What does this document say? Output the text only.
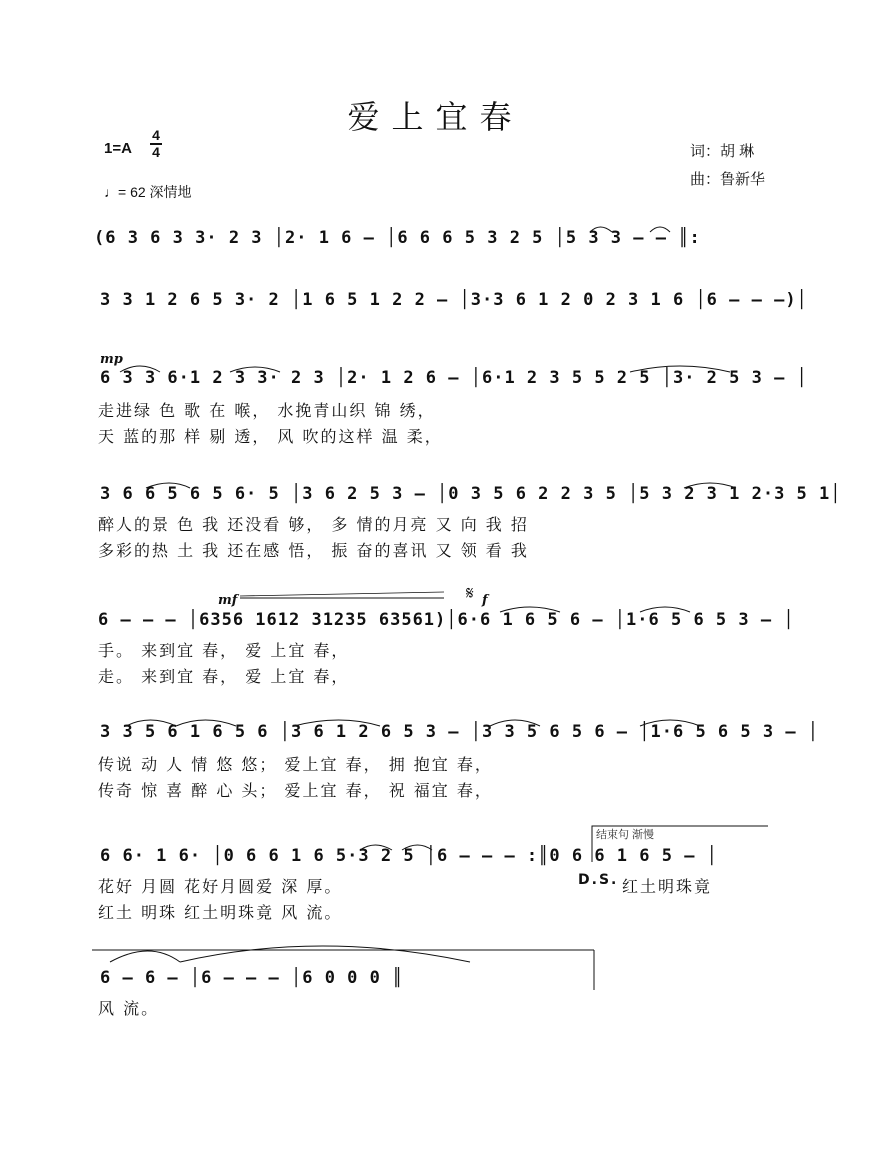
爱上宜春
1=A
4
4
♩= 62 深情地
词：胡 琳
曲：鲁新华
(6 3 6 3 3· 2 3 │2· 1 6 – │6 6 6 5 3 2 5 │5 3 3 – – ║:
3 3 1 2 6 5 3· 2 │1 6 5 1 2 2 – │3·3 6 1 2 0 2 3 1 6 │6 – – –)│
mp
6 3 3 6·1 2 3 3· 2 3 │2· 1 2 6 – │6·1 2 3 5 5 2 5 │3· 2 5 3 – │
走进绿 色 歌 在 喉， 水挽青山织 锦 绣，
天 蓝的那 样 剔 透， 风 吹的这样 温 柔，
3 6 6 5 6 5 6· 5 │3 6 2 5 3 – │0 3 5 6 2 2 3 5 │5 3 2 3 1 2·3 5 1│
醉人的景 色 我 还没看 够， 多 情的月亮 又 向 我 招
多彩的热 土 我 还在感 悟， 振 奋的喜讯 又 领 看 我
mf	𝄋 f
6 – – – │6356 1612 31235 63561)│6·6 1 6 5 6 – │1·6 5 6 5 3 – │
手。 来到宜 春， 爱 上宜 春，
走。 来到宜 春， 爱 上宜 春，
3 3 5 6 1 6 5 6 │3 6 1 2 6 5 3 – │3 3 5 6 5 6 – │1·6 5 6 5 3 – │
传说 动 人 情 悠 悠； 爱上宜 春， 拥 抱宜 春，
传奇 惊 喜 醉 心 头； 爱上宜 春， 祝 福宜 春，
结束句 渐慢
6 6· 1 6· │0 6 6 1 6 5·3 2 5 │6 – – – :║0 6 6 1 6 5 – │
花好 月圆 花好月圆爱 深 厚。
红土 明珠 红土明珠竟 风 流。
D.S. 红土明珠竟
6 – 6 – │6 – – – │6 0 0 0 ║
风 流。
